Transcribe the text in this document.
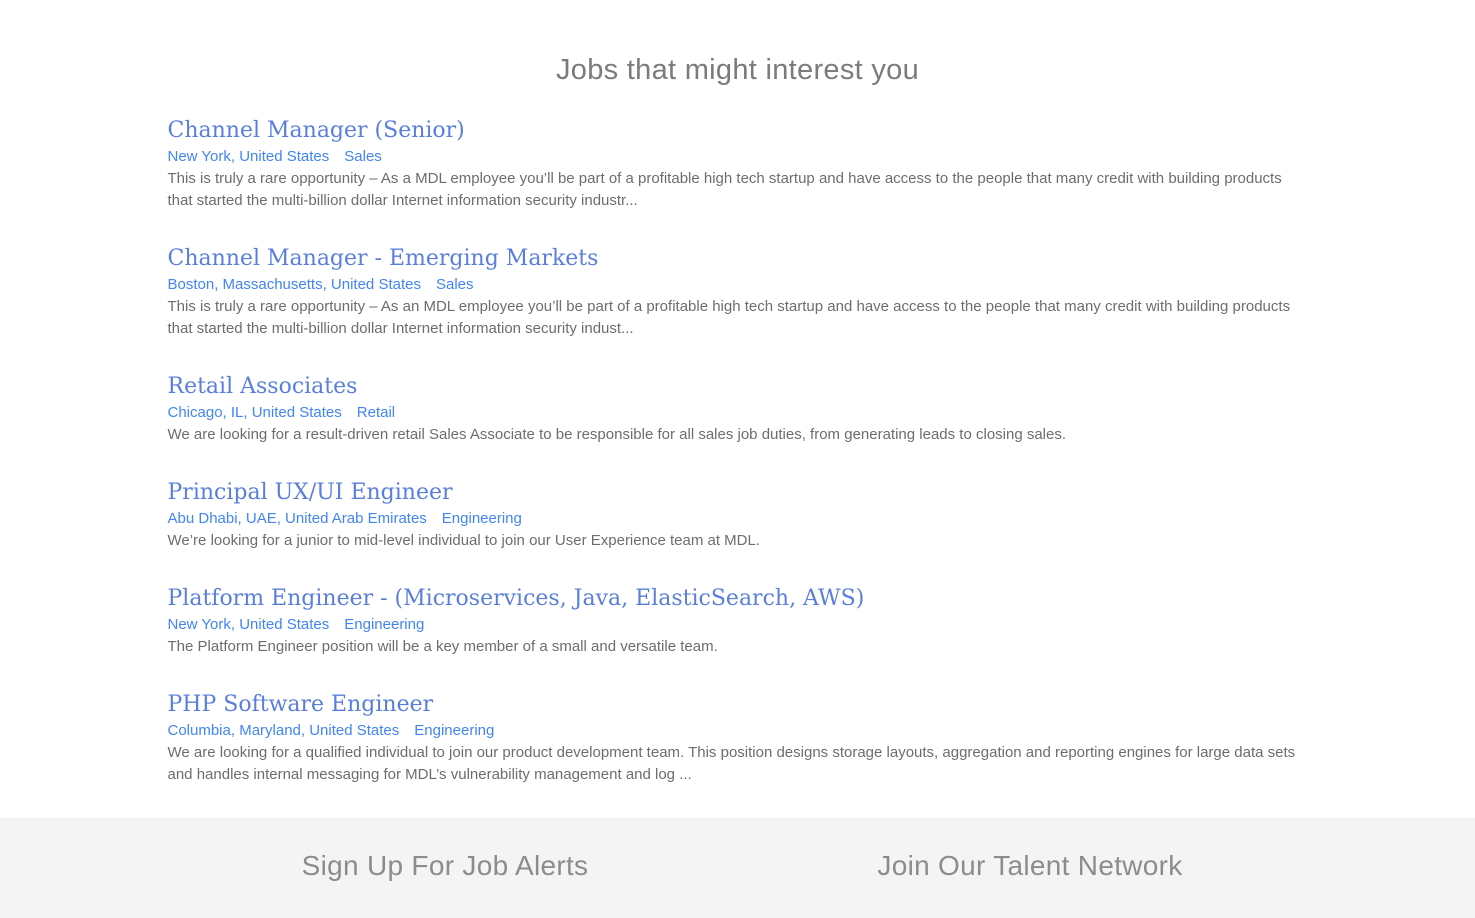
Jobs that might interest you
Channel Manager (Senior)
New York, United States Sales
This is truly a rare opportunity – As a MDL employee you’ll be part of a profitable high tech startup and have access to the people that many credit with building products that started the multi-billion dollar Internet information security industr...
Channel Manager - Emerging Markets
Boston, Massachusetts, United States Sales
This is truly a rare opportunity – As an MDL employee you’ll be part of a profitable high tech startup and have access to the people that many credit with building products that started the multi-billion dollar Internet information security indust...
Retail Associates
Chicago, IL, United States Retail
We are looking for a result-driven retail Sales Associate to be responsible for all sales job duties, from generating leads to closing sales.
Principal UX/UI Engineer
Abu Dhabi, UAE, United Arab Emirates Engineering
We’re looking for a junior to mid-level individual to join our User Experience team at MDL.
Platform Engineer - (Microservices, Java, ElasticSearch, AWS)
New York, United States Engineering
The Platform Engineer position will be a key member of a small and versatile team.
PHP Software Engineer
Columbia, Maryland, United States Engineering
We are looking for a qualified individual to join our product development team. This position designs storage layouts, aggregation and reporting engines for large data sets and handles internal messaging for MDL’s vulnerability management and log ...
Sign Up For Job Alerts	Join Our Talent Network
